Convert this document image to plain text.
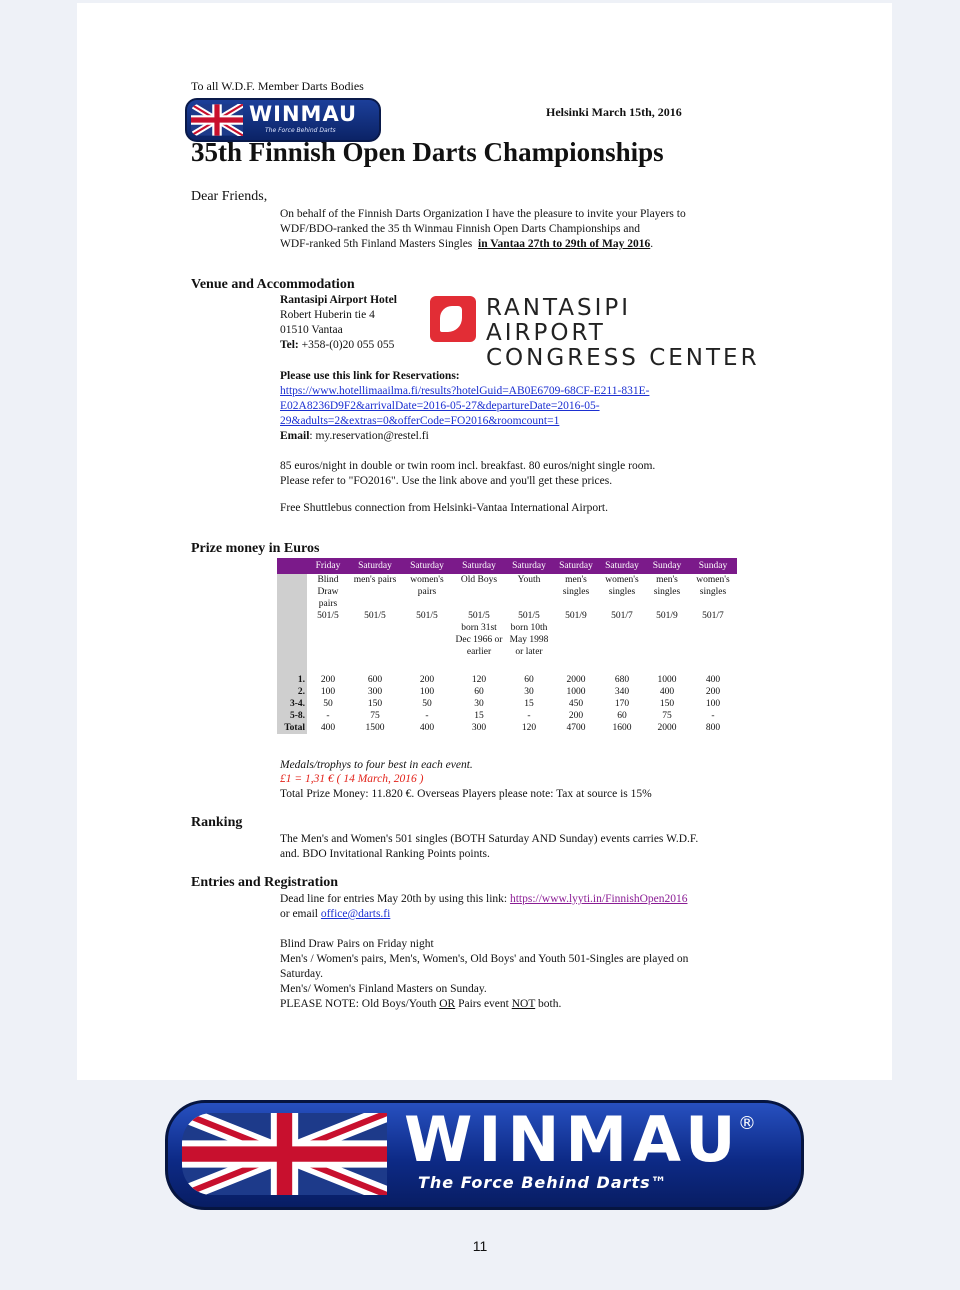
To all W.D.F. Member Darts Bodies
WINMAU
The Force Behind Darts
Helsinki March 15th, 2016
35th Finnish Open Darts Championships
Dear Friends,
On behalf of the Finnish Darts Organization I have the pleasure to invite your Players to
WDF/BDO-ranked the 35 th Winmau Finnish Open Darts Championships and
WDF-ranked 5th Finland Masters Singles in Vantaa 27th to 29th of May 2016.
Venue and Accommodation
Rantasipi Airport Hotel
Robert Huberin tie 4
01510 Vantaa
Tel: +358-(0)20 055 055
RANTASIPI AIRPORT
CONGRESS CENTER
Please use this link for Reservations:
https://www.hotellimaailma.fi/results?hotelGuid=AB0E6709-68CF-E211-831E-
E02A8236D9F2&arrivalDate=2016-05-27&departureDate=2016-05-
29&adults=2&extras=0&offerCode=FO2016&roomcount=1
Email: my.reservation@restel.fi
85 euros/night in double or twin room incl. breakfast. 80 euros/night single room.
Please refer to "FO2016". Use the link above and you'll get these prices.
Free Shuttlebus connection from Helsinki-Vantaa International Airport.
Prize money in Euros
	Friday	Saturday	Saturday	Saturday	Saturday	Saturday	Saturday	Sunday	Sunday
	Blind Draw pairs	men's pairs	women's pairs	Old Boys	Youth	men's singles	women's singles	men's singles	women's singles
	501/5	501/5	501/5	501/5	501/5	501/9	501/7	501/9	501/7
				born 31st Dec 1966 or earlier	born 10th May 1998 or later				
1.	200	600	200	120	60	2000	680	1000	400
2.	100	300	100	60	30	1000	340	400	200
3-4.	50	150	50	30	15	450	170	150	100
5-8.	-	75	-	15	-	200	60	75	-
Total	400	1500	400	300	120	4700	1600	2000	800
Medals/trophys to four best in each event.
£1 = 1,31 € ( 14 March, 2016 )
Total Prize Money: 11.820 €. Overseas Players please note: Tax at source is 15%
Ranking
The Men's and Women's 501 singles (BOTH Saturday AND Sunday) events carries W.D.F.
and. BDO Invitational Ranking Points points.
Entries and Registration
Dead line for entries May 20th by using this link: https://www.lyyti.in/FinnishOpen2016
or email office@darts.fi
Blind Draw Pairs on Friday night
Men's / Women's pairs, Men's, Women's, Old Boys' and Youth 501-Singles are played on
Saturday.
Men's/ Women's Finland Masters on Sunday.
PLEASE NOTE: Old Boys/Youth OR Pairs event NOT both.
WINMAU
®
The Force Behind Darts™
11
